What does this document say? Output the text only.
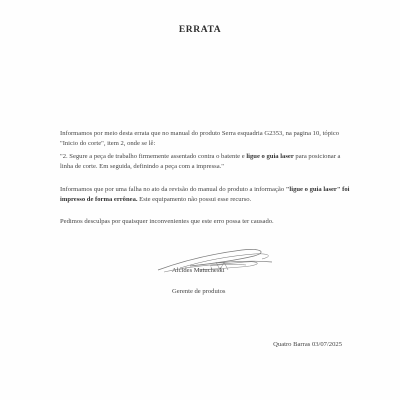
ERRATA
Informamos por meio desta errata que no manual do produto Serra esquadria G2353, na pagina 10, tópico "Inicio do corte", item 2, onde se lê:
"2. Segure a peça de trabalho firmemente assentado contra o batente e ligue o guia laser para posicionar a linha de corte. Em seguida, definindo a peça com a impressa."
Informamos que por uma falha no ato da revisão do manual do produto a informação "ligue o guia laser" foi impresso de forma errônea. Este equipamento não possui esse recurso.
Pedimos desculpas por quaisquer inconvenientes que este erro possa ter causado.
Alcides Matucheski
Gerente de produtos
Quatro Barras 03/07/2025
